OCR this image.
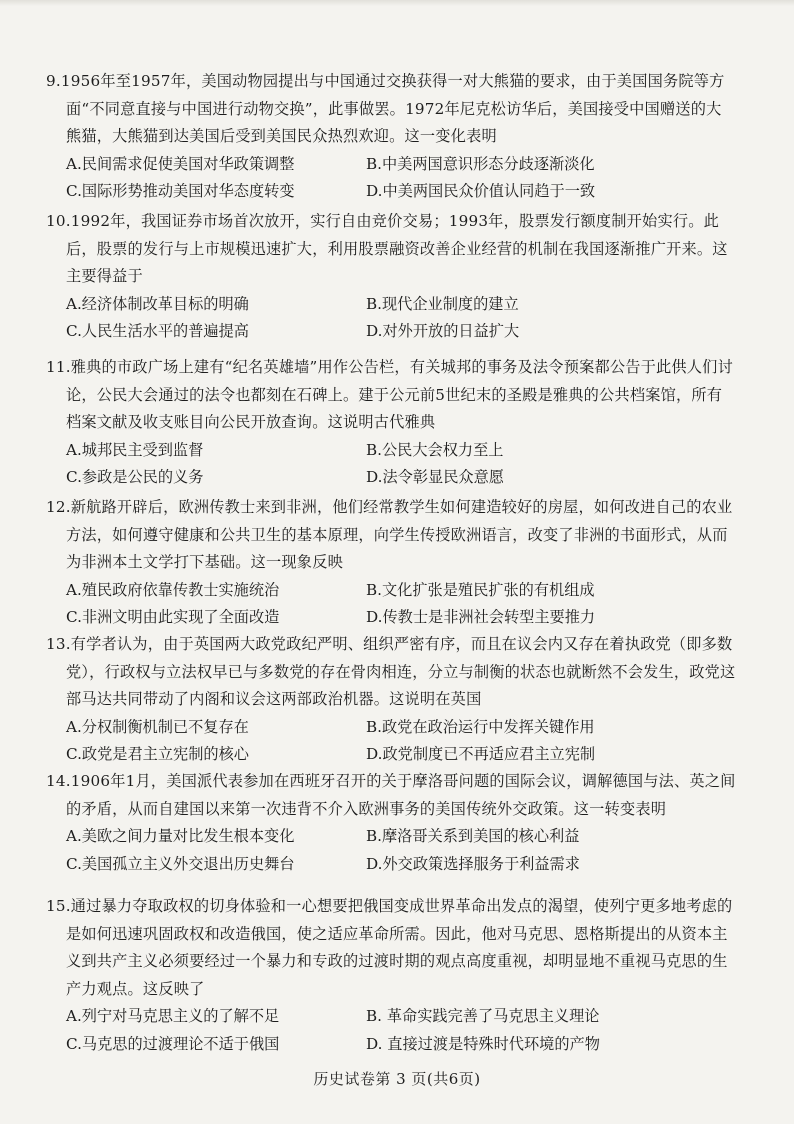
9.1956年至1957年，美国动物园提出与中国通过交换获得一对大熊猫的要求，由于美国国务院等方面“不同意直接与中国进行动物交换”，此事做罢。1972年尼克松访华后，美国接受中国赠送的大熊猫，大熊猫到达美国后受到美国民众热烈欢迎。这一变化表明
A.民间需求促使美国对华政策调整	B.中美两国意识形态分歧逐渐淡化
C.国际形势推动美国对华态度转变	D.中美两国民众价值认同趋于一致
10.1992年，我国证券市场首次放开，实行自由竞价交易；1993年，股票发行额度制开始实行。此后，股票的发行与上市规模迅速扩大，利用股票融资改善企业经营的机制在我国逐渐推广开来。这主要得益于
A.经济体制改革目标的明确	B.现代企业制度的建立
C.人民生活水平的普遍提高	D.对外开放的日益扩大
11.雅典的市政广场上建有“纪名英雄墙”用作公告栏，有关城邦的事务及法令预案都公告于此供人们讨论，公民大会通过的法令也都刻在石碑上。建于公元前5世纪末的圣殿是雅典的公共档案馆，所有档案文献及收支账目向公民开放查询。这说明古代雅典
A.城邦民主受到监督	B.公民大会权力至上
C.参政是公民的义务	D.法令彰显民众意愿
12.新航路开辟后，欧洲传教士来到非洲，他们经常教学生如何建造较好的房屋，如何改进自己的农业方法，如何遵守健康和公共卫生的基本原理，向学生传授欧洲语言，改变了非洲的书面形式，从而为非洲本土文学打下基础。这一现象反映
A.殖民政府依靠传教士实施统治	B.文化扩张是殖民扩张的有机组成
C.非洲文明由此实现了全面改造	D.传教士是非洲社会转型主要推力
13.有学者认为，由于英国两大政党政纪严明、组织严密有序，而且在议会内又存在着执政党（即多数党），行政权与立法权早已与多数党的存在骨肉相连，分立与制衡的状态也就断然不会发生，政党这部马达共同带动了内阁和议会这两部政治机器。这说明在英国
A.分权制衡机制已不复存在	B.政党在政治运行中发挥关键作用
C.政党是君主立宪制的核心	D.政党制度已不再适应君主立宪制
14.1906年1月，美国派代表参加在西班牙召开的关于摩洛哥问题的国际会议，调解德国与法、英之间的矛盾，从而自建国以来第一次违背不介入欧洲事务的美国传统外交政策。这一转变表明
A.美欧之间力量对比发生根本变化	B.摩洛哥关系到美国的核心利益
C.美国孤立主义外交退出历史舞台	D.外交政策选择服务于利益需求
15.通过暴力夺取政权的切身体验和一心想要把俄国变成世界革命出发点的渴望，使列宁更多地考虑的是如何迅速巩固政权和改造俄国，使之适应革命所需。因此，他对马克思、恩格斯提出的从资本主义到共产主义必须要经过一个暴力和专政的过渡时期的观点高度重视，却明显地不重视马克思的生产力观点。这反映了
A.列宁对马克思主义的了解不足	B. 革命实践完善了马克思主义理论
C.马克思的过渡理论不适于俄国	D. 直接过渡是特殊时代环境的产物
历史试卷第 3 页(共6页)
